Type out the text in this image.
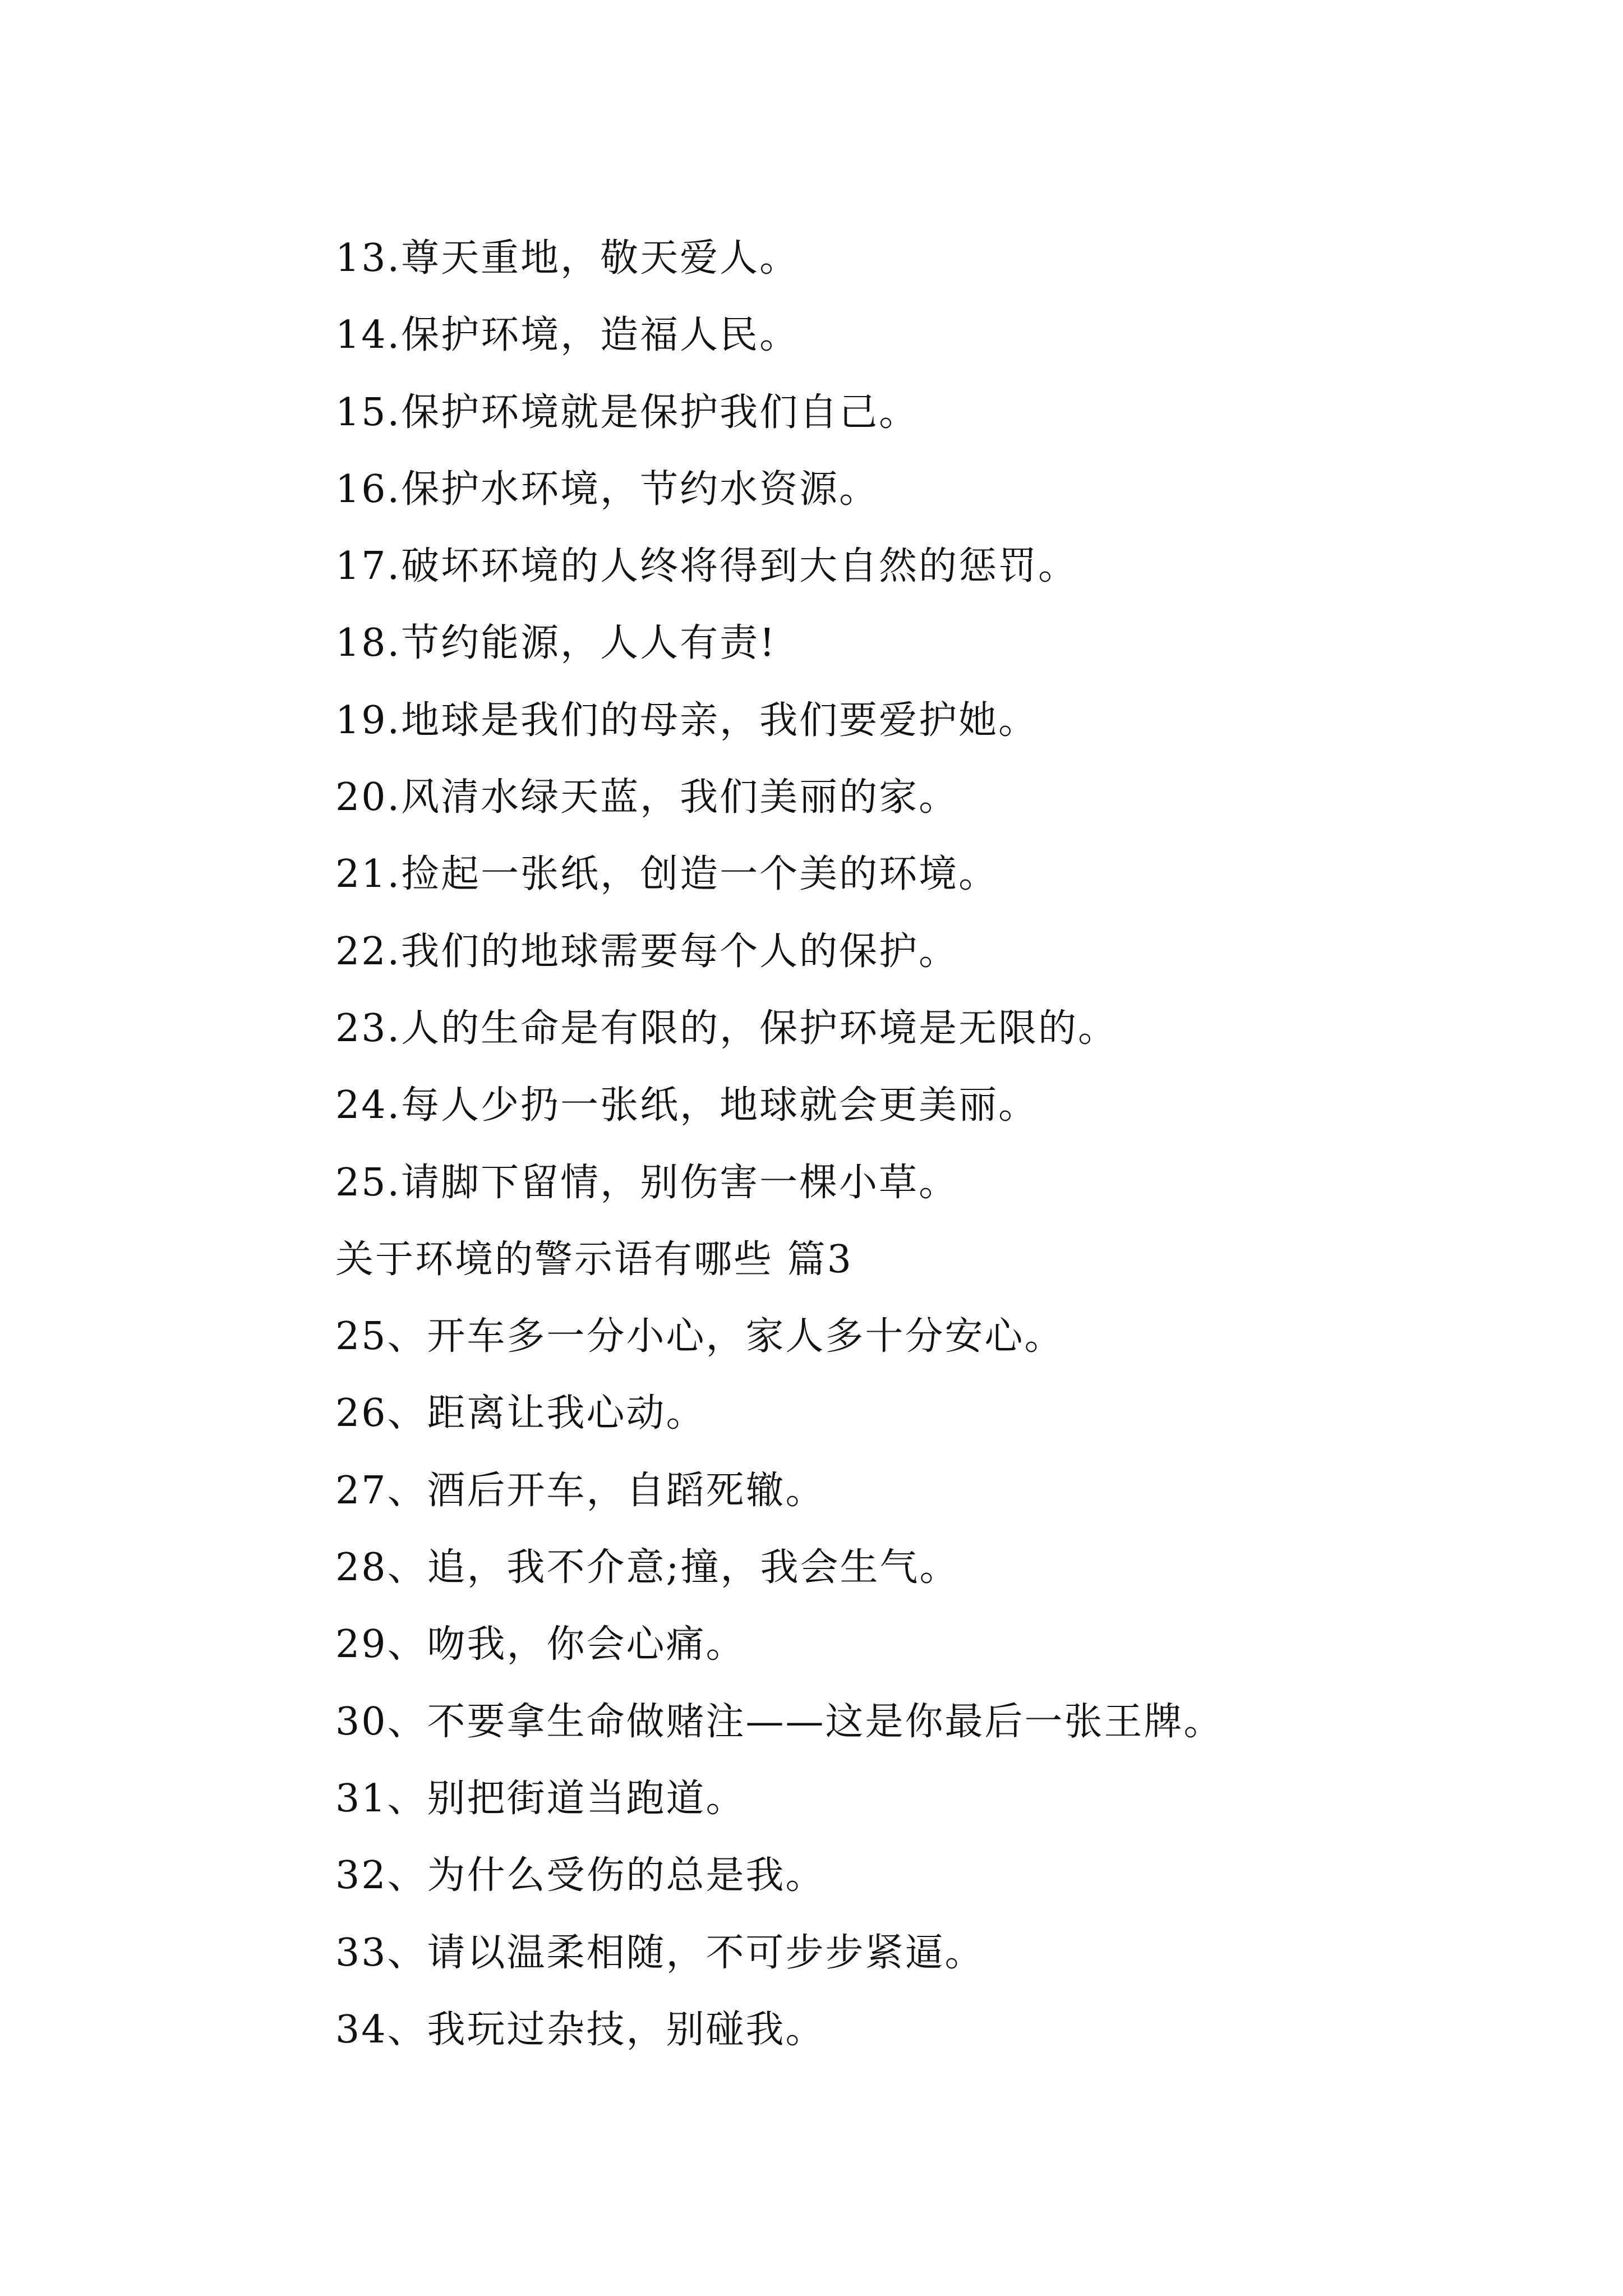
13.尊天重地，敬天爱人。
14.保护环境，造福人民。
15.保护环境就是保护我们自己。
16.保护水环境，节约水资源。
17.破坏环境的人终将得到大自然的惩罚。
18.节约能源，人人有责!
19.地球是我们的母亲，我们要爱护她。
20.风清水绿天蓝，我们美丽的家。
21.捡起一张纸，创造一个美的环境。
22.我们的地球需要每个人的保护。
23.人的生命是有限的，保护环境是无限的。
24.每人少扔一张纸，地球就会更美丽。
25.请脚下留情，别伤害一棵小草。
关于环境的警示语有哪些 篇3
25、开车多一分小心，家人多十分安心。
26、距离让我心动。
27、酒后开车，自蹈死辙。
28、追，我不介意;撞，我会生气。
29、吻我，你会心痛。
30、不要拿生命做赌注——这是你最后一张王牌。
31、别把街道当跑道。
32、为什么受伤的总是我。
33、请以温柔相随，不可步步紧逼。
34、我玩过杂技，别碰我。
